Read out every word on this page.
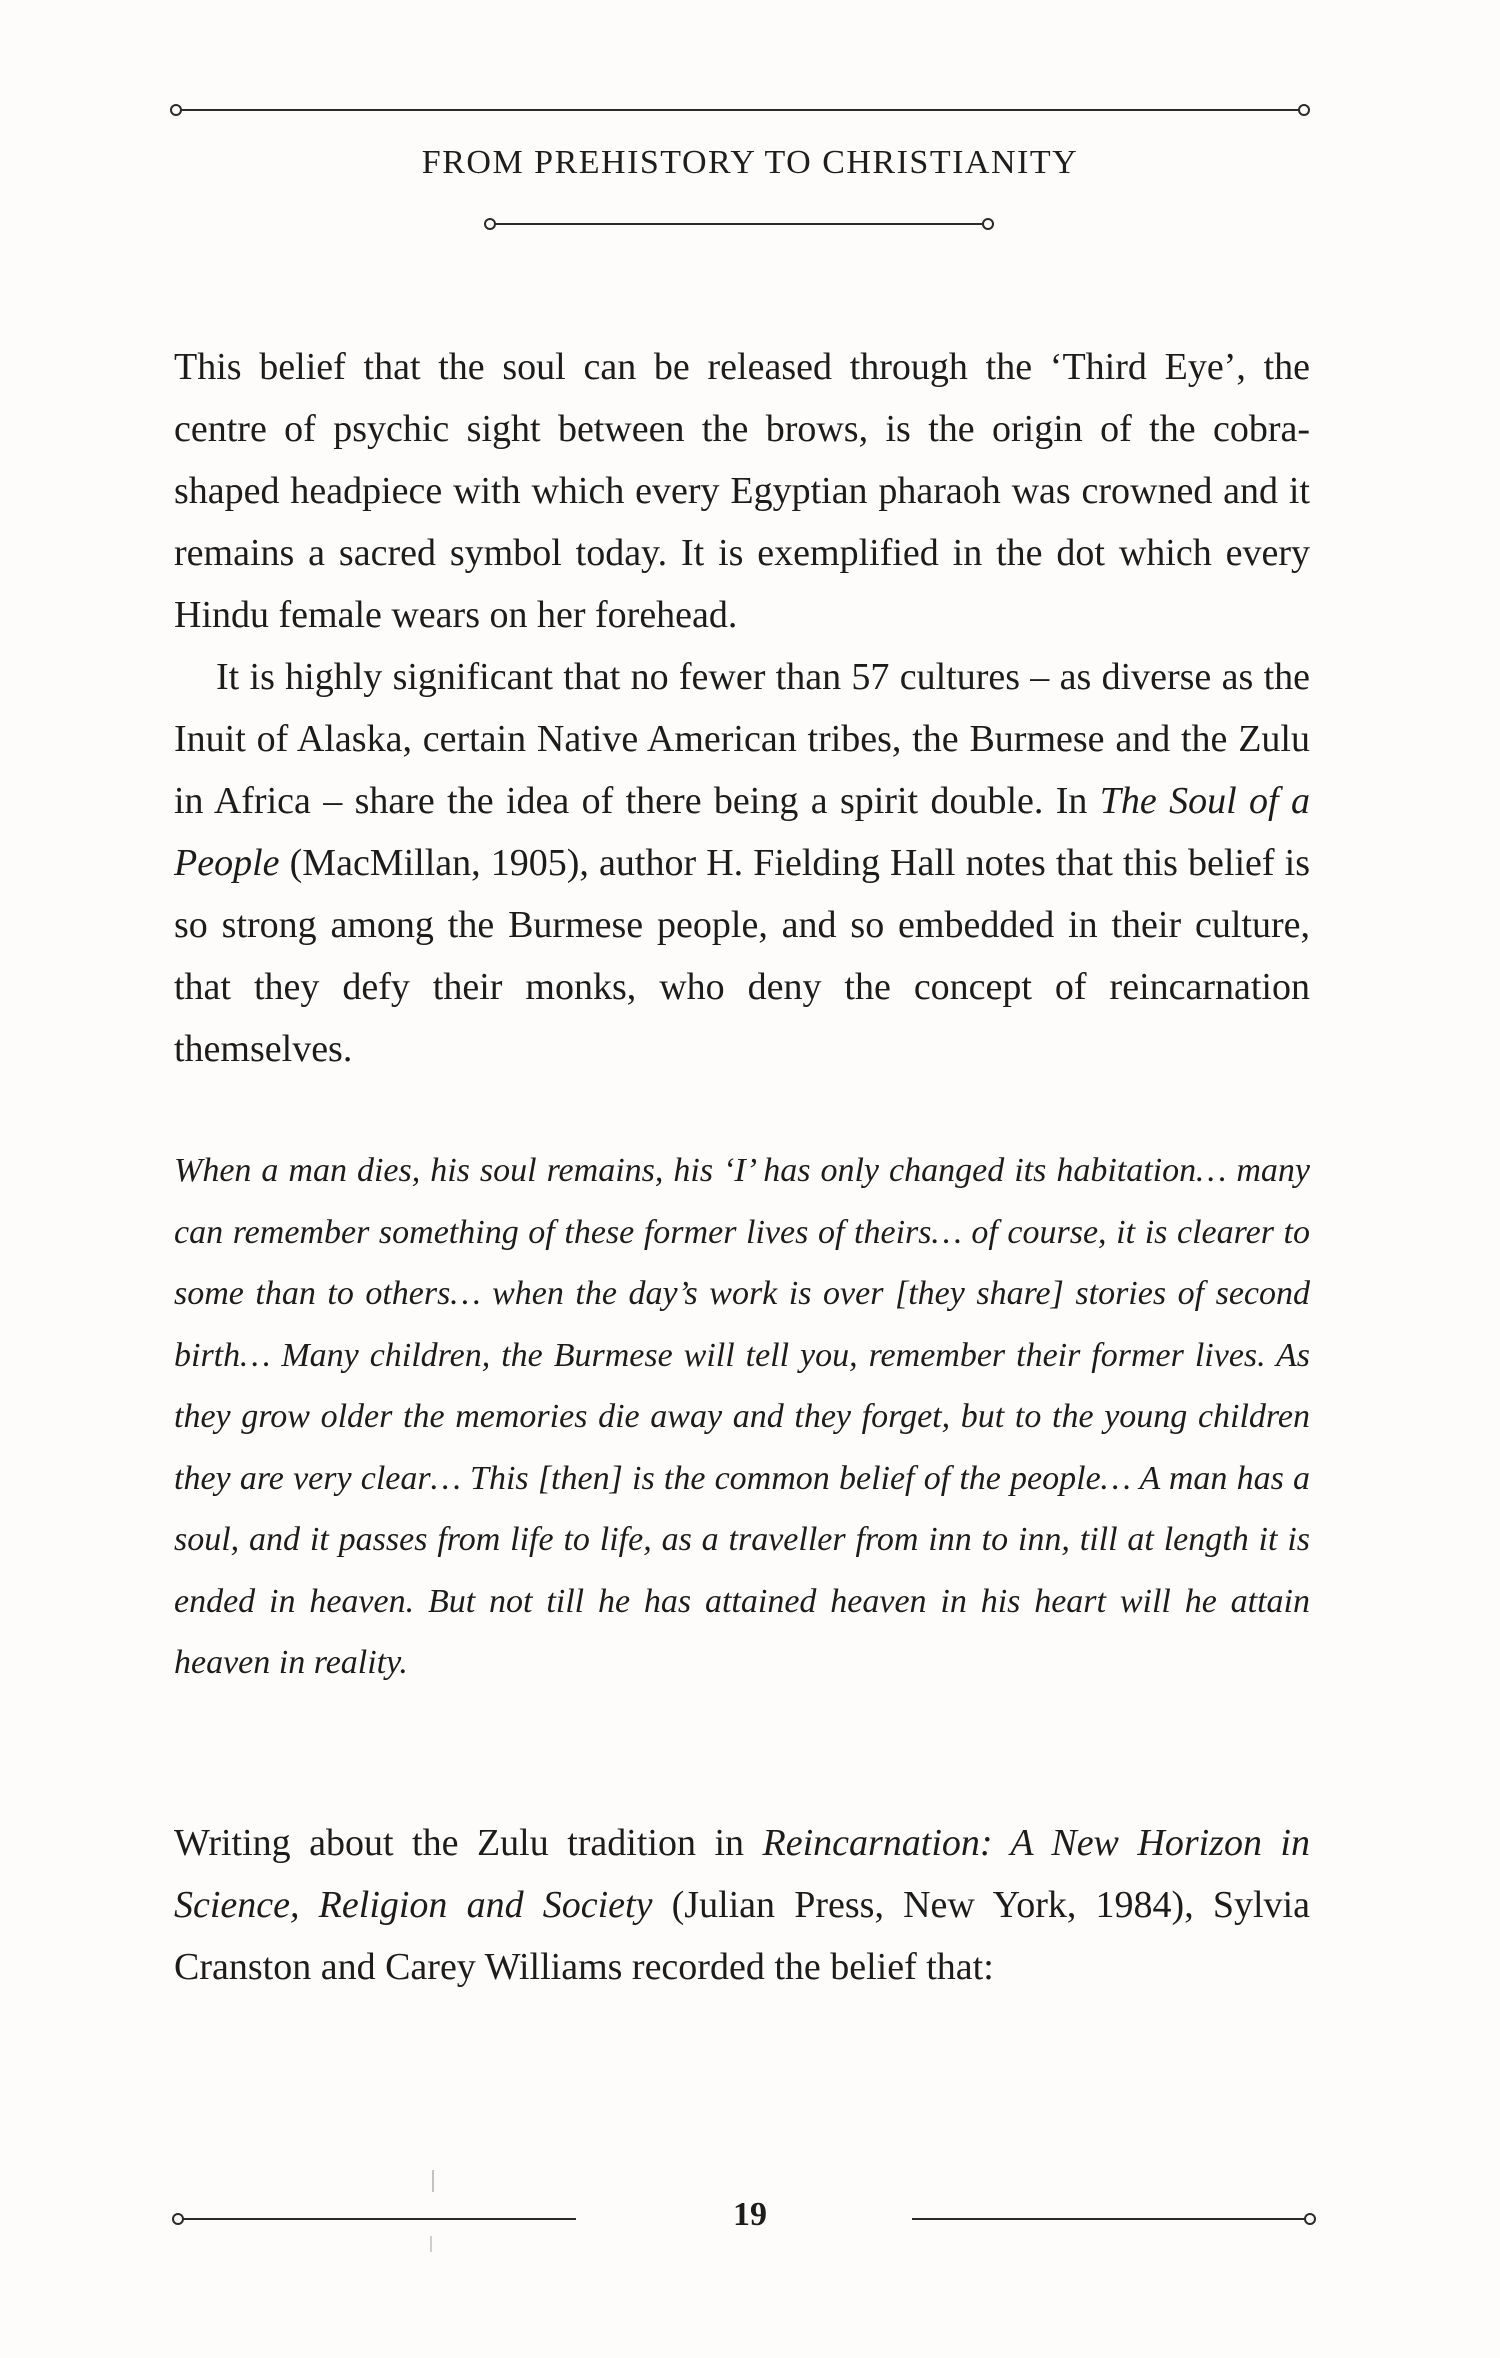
FROM PREHISTORY TO CHRISTIANITY

This belief that the soul can be released through the ‘Third Eye’, the centre of psychic sight between the brows, is the origin of the cobra-shaped headpiece with which every Egyptian pharaoh was crowned and it remains a sacred symbol today. It is exemplified in the dot which every Hindu female wears on her forehead.

It is highly significant that no fewer than 57 cultures – as diverse as the Inuit of Alaska, certain Native American tribes, the Burmese and the Zulu in Africa – share the idea of there being a spirit double. In The Soul of a People (MacMillan, 1905), author H. Fielding Hall notes that this belief is so strong among the Burmese people, and so embedded in their culture, that they defy their monks, who deny the concept of reincarnation themselves.

When a man dies, his soul remains, his ‘I’ has only changed its habitation… many can remember something of these former lives of theirs… of course, it is clearer to some than to others… when the day’s work is over [they share] stories of second birth… Many children, the Burmese will tell you, remember their former lives. As they grow older the memories die away and they forget, but to the young children they are very clear… This [then] is the common belief of the people… A man has a soul, and it passes from life to life, as a traveller from inn to inn, till at length it is ended in heaven. But not till he has attained heaven in his heart will he attain heaven in reality.

Writing about the Zulu tradition in Reincarnation: A New Horizon in Science, Religion and Society (Julian Press, New York, 1984), Sylvia Cranston and Carey Williams recorded the belief that:

19
